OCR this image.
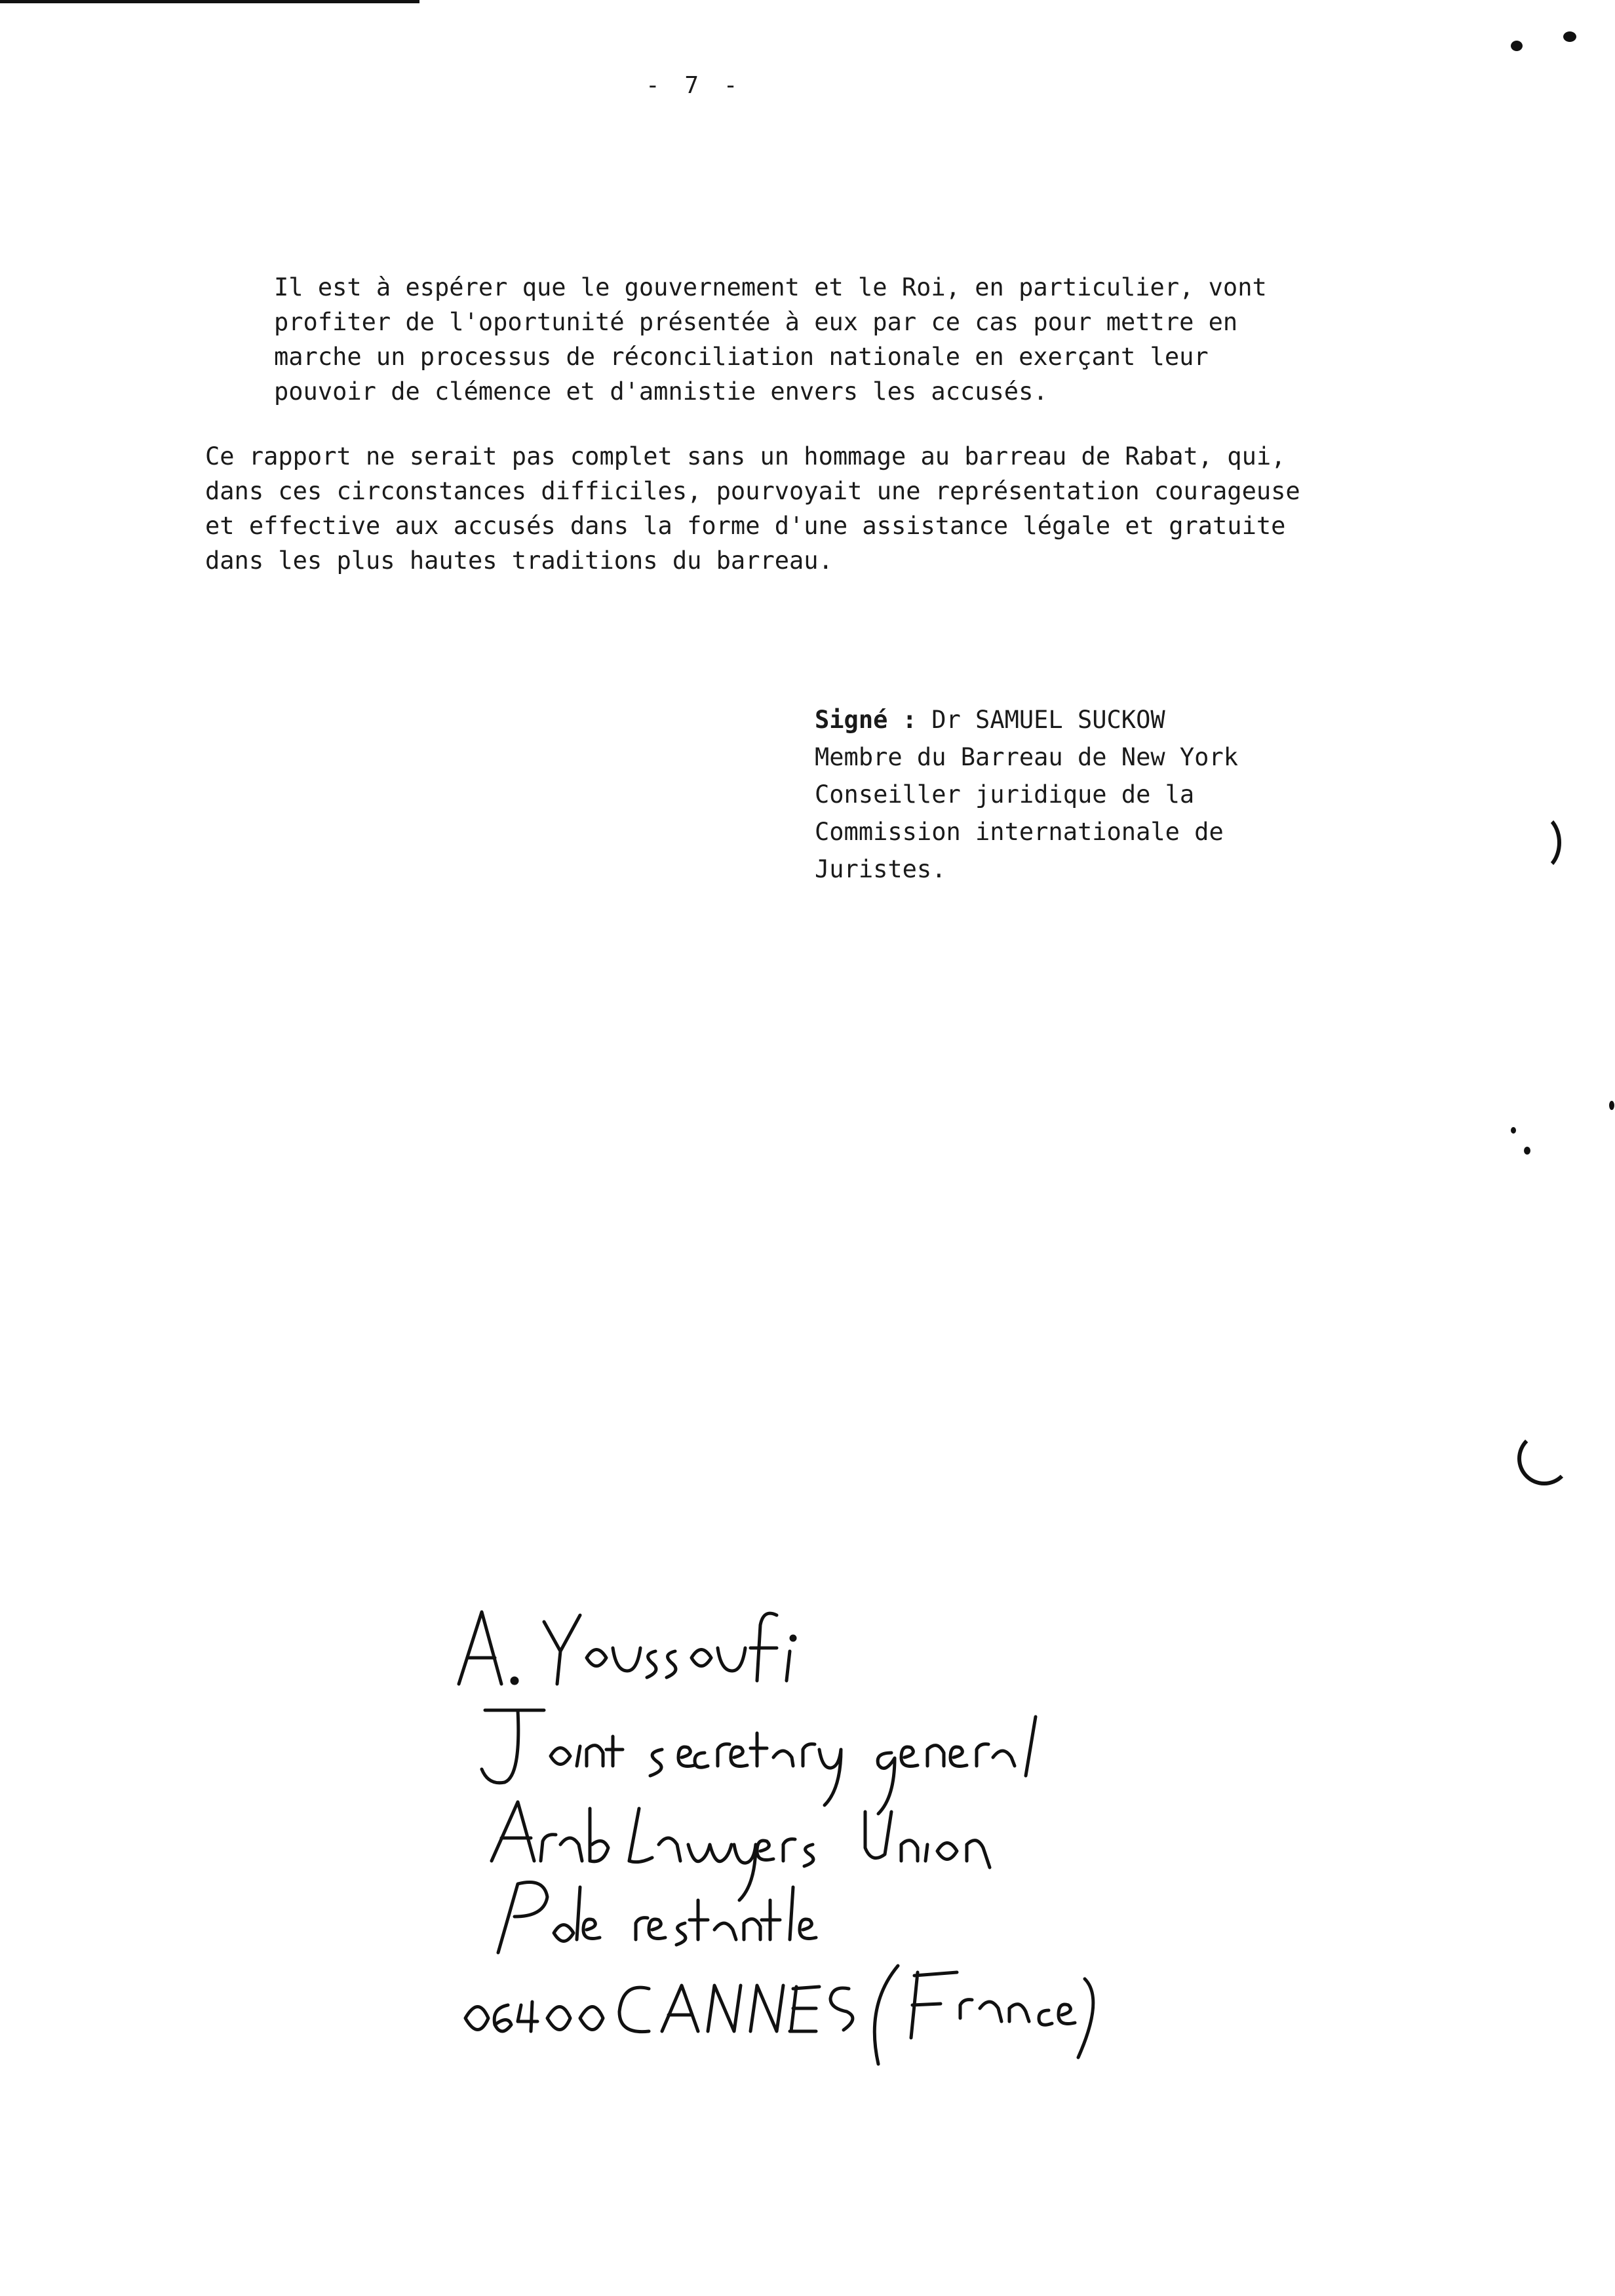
- 7 -
Il est à espérer que le gouvernement et le Roi, en particulier, vont
profiter de l'oportunité présentée à eux par ce cas pour mettre en
marche un processus de réconciliation nationale en exerçant leur
pouvoir de clémence et d'amnistie envers les accusés.
Ce rapport ne serait pas complet sans un hommage au barreau de Rabat, qui,
dans ces circonstances difficiles, pourvoyait une représentation courageuse
et effective aux accusés dans la forme d'une assistance légale et gratuite
dans les plus hautes traditions du barreau.
Signé : Dr SAMUEL SUCKOW
Membre du Barreau de New York
Conseiller juridique de la
Commission internationale de
Juristes.
